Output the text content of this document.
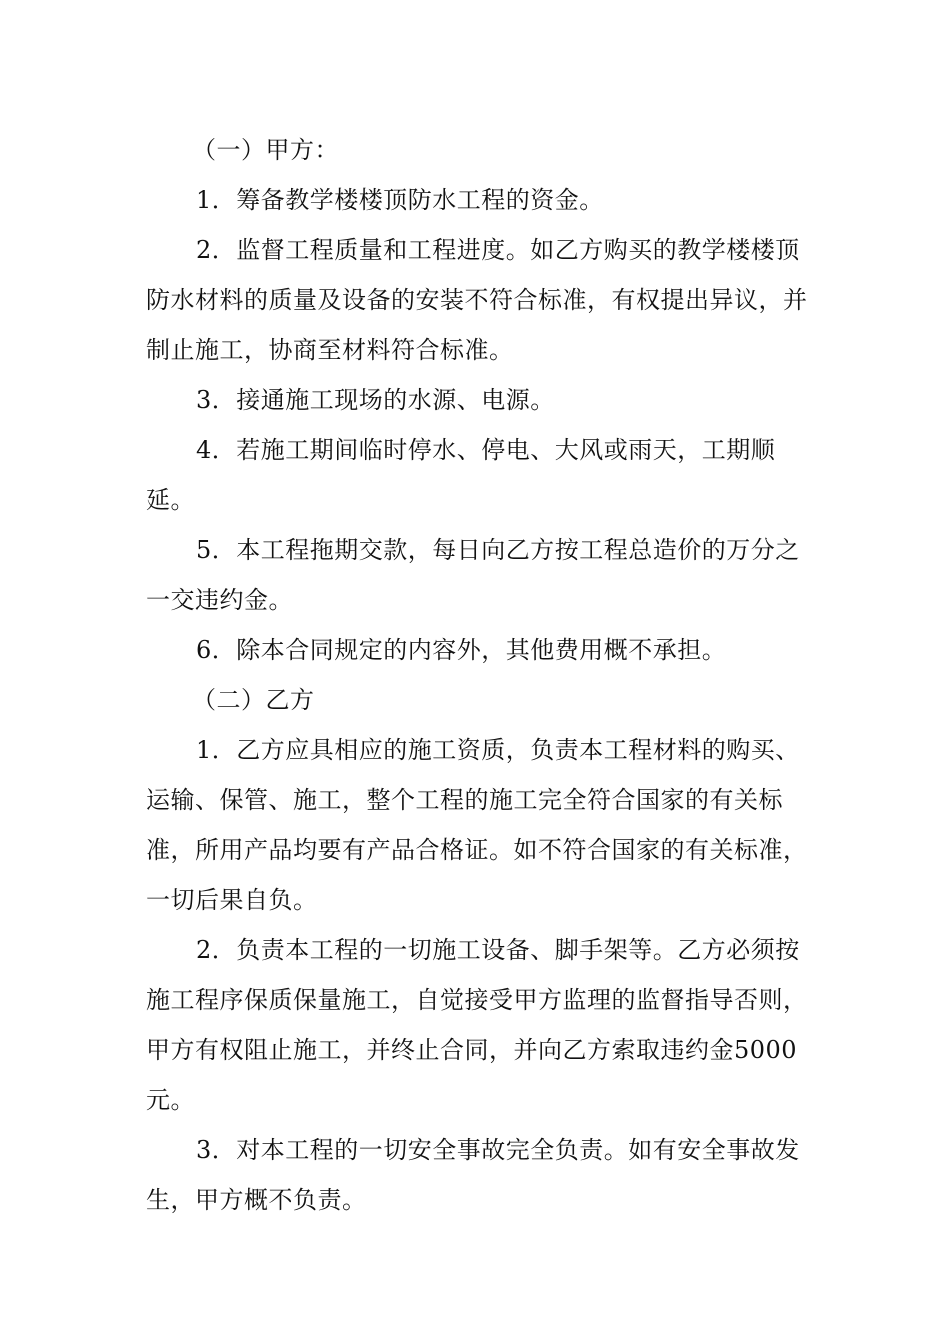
（一）甲方：

1．筹备教学楼楼顶防水工程的资金。

2．监督工程质量和工程进度。如乙方购买的教学楼楼顶防水材料的质量及设备的安装不符合标准，有权提出异议，并制止施工，协商至材料符合标准。

3．接通施工现场的水源、电源。

4．若施工期间临时停水、停电、大风或雨天，工期顺延。

5．本工程拖期交款，每日向乙方按工程总造价的万分之一交违约金。

6．除本合同规定的内容外，其他费用概不承担。

（二）乙方

1．乙方应具相应的施工资质，负责本工程材料的购买、运输、保管、施工，整个工程的施工完全符合国家的有关标准，所用产品均要有产品合格证。如不符合国家的有关标准，一切后果自负。

2．负责本工程的一切施工设备、脚手架等。乙方必须按施工程序保质保量施工，自觉接受甲方监理的监督指导否则，甲方有权阻止施工，并终止合同，并向乙方索取违约金5000元。

3．对本工程的一切安全事故完全负责。如有安全事故发生，甲方概不负责。
